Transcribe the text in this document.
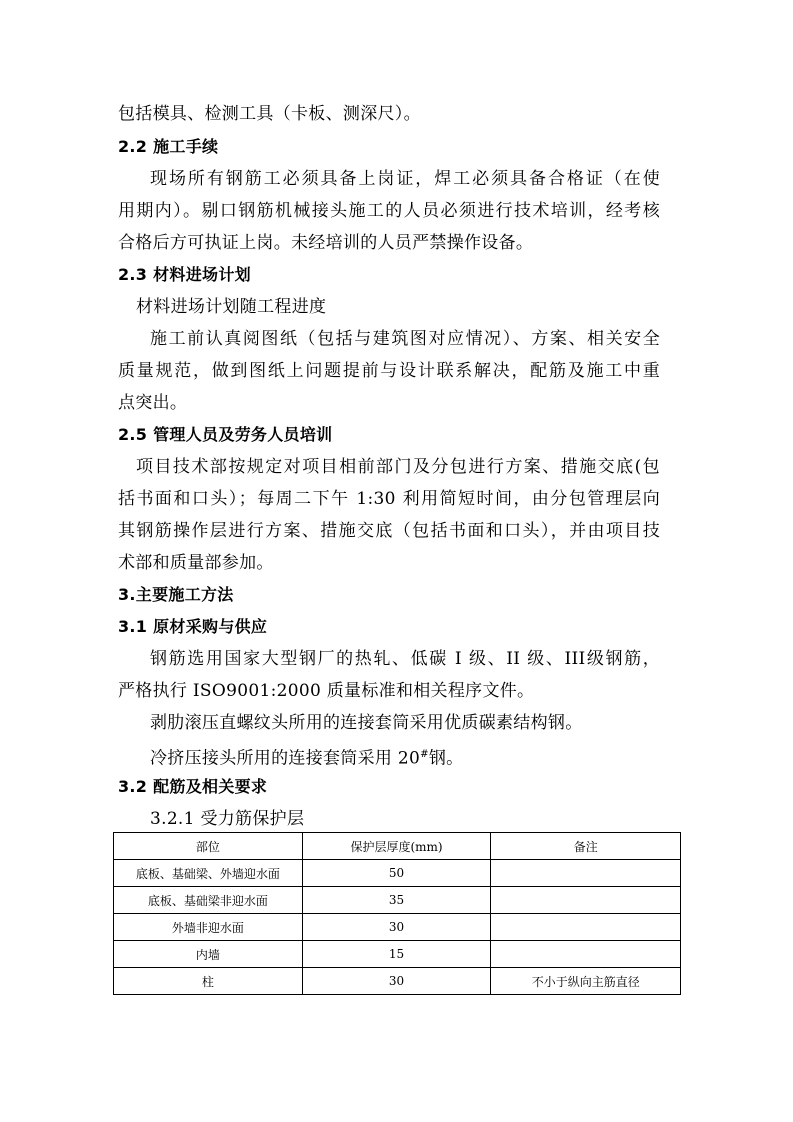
包括模具、检测工具（卡板、测深尺）。
2.2 施工手续
现场所有钢筋工必须具备上岗证，焊工必须具备合格证（在使
用期内）。剔口钢筋机械接头施工的人员必须进行技术培训，经考核
合格后方可执证上岗。未经培训的人员严禁操作设备。
2.3 材料进场计划
材料进场计划随工程进度
施工前认真阅图纸（包括与建筑图对应情况）、方案、相关安全
质量规范，做到图纸上问题提前与设计联系解决，配筋及施工中重
点突出。
2.5 管理人员及劳务人员培训
项目技术部按规定对项目相前部门及分包进行方案、措施交底(包
括书面和口头）；每周二下午 1:30 利用简短时间，由分包管理层向
其钢筋操作层进行方案、措施交底（包括书面和口头），并由项目技
术部和质量部参加。
3.主要施工方法
3.1 原材采购与供应
钢筋选用国家大型钢厂的热轧、低碳 I 级、II 级、III级钢筋，
严格执行 ISO9001:2000 质量标准和相关程序文件。
剥肋滚压直螺纹头所用的连接套筒采用优质碳素结构钢。
冷挤压接头所用的连接套筒采用 20#钢。
3.2 配筋及相关要求
3.2.1 受力筋保护层
部位	保护层厚度(mm)	备注
底板、基础梁、外墙迎水面	50	
底板、基础梁非迎水面	35	
外墙非迎水面	30	
内墙	15	
柱	30	不小于纵向主筋直径
